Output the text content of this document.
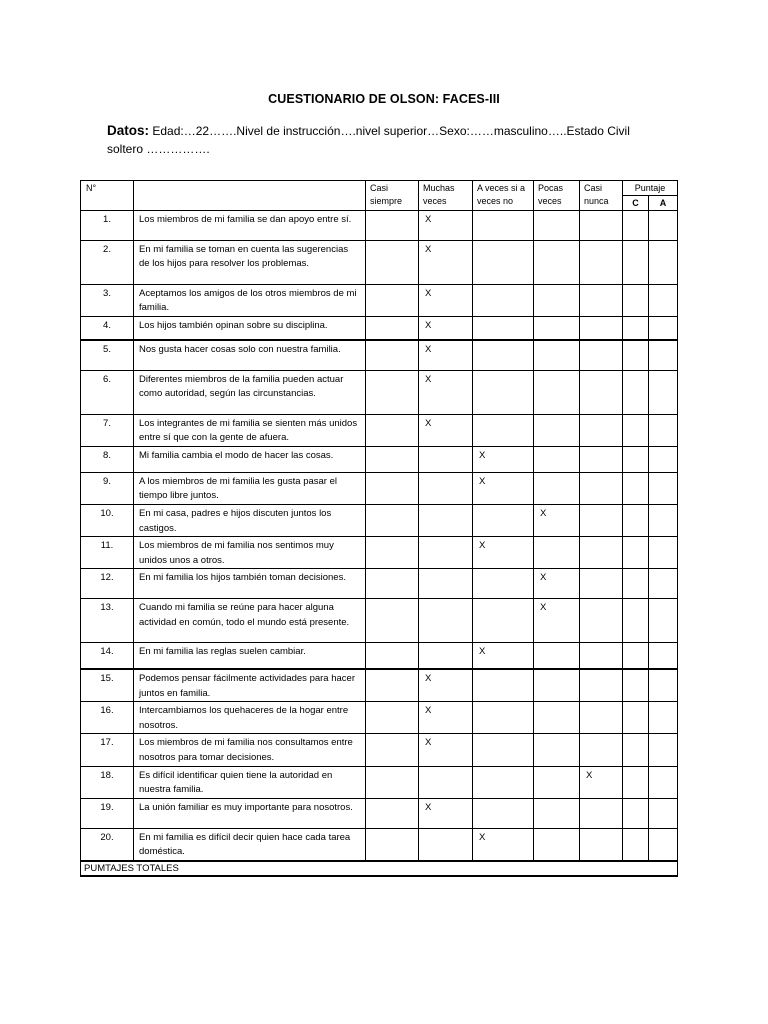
CUESTIONARIO DE OLSON: FACES-III
Datos: Edad:…22…….Nivel de instrucción….nivel superior…Sexo:……masculino…..Estado Civil soltero …………….
N°		Casi siempre	Muchas veces	A veces si a veces no	Pocas veces	Casi nunca	Puntaje	
							C	A
1.	Los miembros de mi familia se dan apoyo entre sí.		X					
2.	En mi familia se toman en cuenta las sugerencias de los hijos para resolver los problemas.		X					
3.	Aceptamos los amigos de los otros miembros de mi familia.		X					
4.	Los hijos también opinan sobre su disciplina.		X					
5.	Nos gusta hacer cosas solo con nuestra familia.		X					
6.	Diferentes miembros de la familia pueden actuar como autoridad, según las circunstancias.		X					
7.	Los integrantes de mi familia se sienten más unidos entre sí que con la gente de afuera.		X					
8.	Mi familia cambia el modo de hacer las cosas.			X				
9.	A los miembros de mi familia les gusta pasar el tiempo libre juntos.			X				
10.	En mi casa, padres e hijos discuten juntos los castigos.				X			
11.	Los miembros de mi familia nos sentimos muy unidos unos a otros.			X				
12.	En mi familia los hijos también toman decisiones.				X			
13.	Cuando mi familia se reúne para hacer alguna actividad en común, todo el mundo está presente.				X			
14.	En mi familia las reglas suelen cambiar.			X				
15.	Podemos pensar fácilmente actividades para hacer juntos en familia.		X					
16.	Intercambiamos los quehaceres de la hogar entre nosotros.		X					
17.	Los miembros de mi familia nos consultamos entre nosotros para tomar decisiones.		X					
18.	Es difícil identificar quien tiene la autoridad en nuestra familia.					X		
19.	La unión familiar es muy importante para nosotros.		X					
20.	En mi familia es difícil decir quien hace cada tarea doméstica.			X				
PUMTAJES TOTALES								
